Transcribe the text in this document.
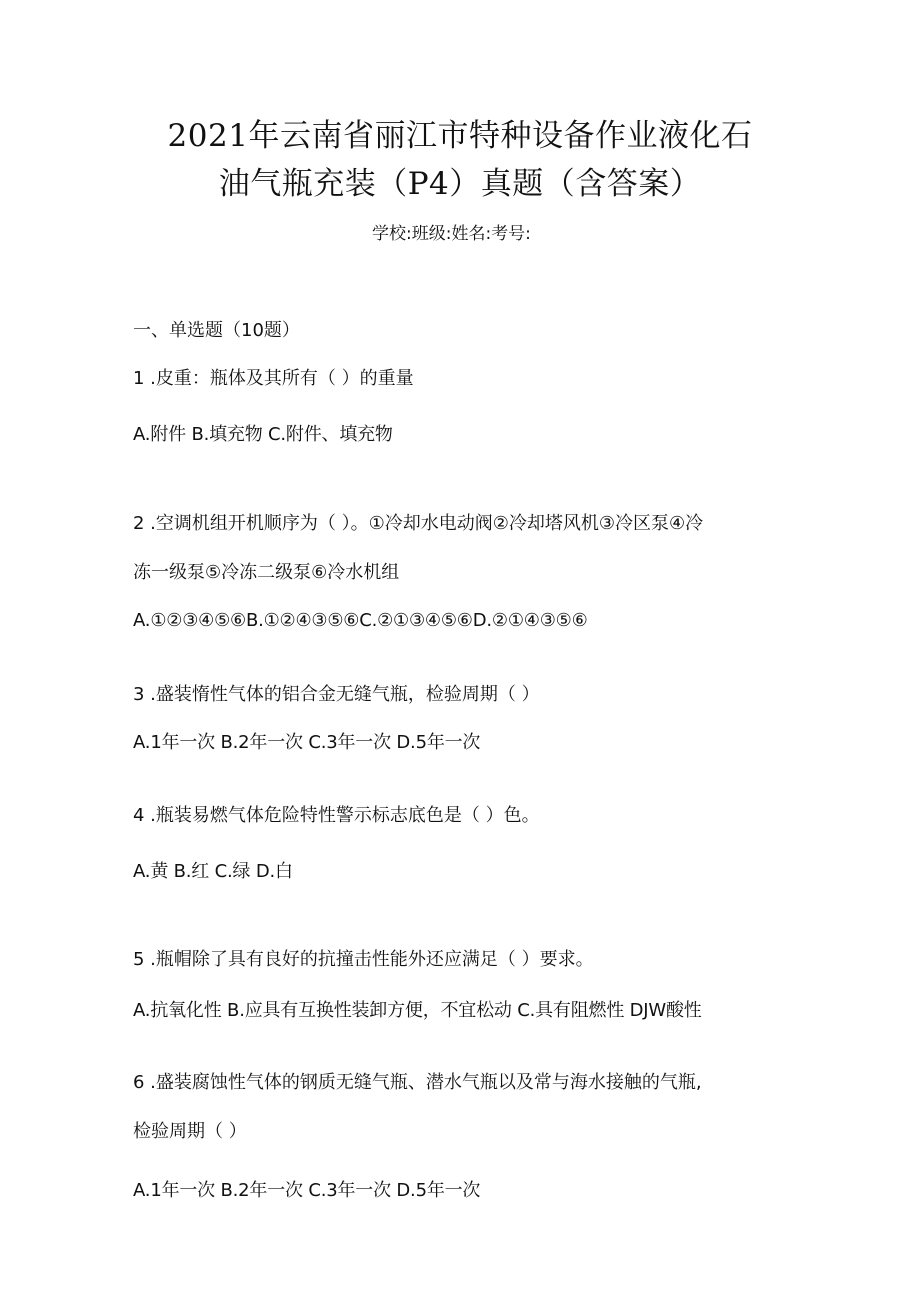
2021年云南省丽江市特种设备作业液化石
油气瓶充装（P4）真题（含答案）
学校:班级:姓名:考号:
一、单选题（10题）
1 .皮重：瓶体及其所有（ ）的重量
A.附件 B.填充物 C.附件、填充物
2 .空调机组开机顺序为（ ）。①冷却水电动阀②冷却塔风机③冷区泵④冷
冻一级泵⑤冷冻二级泵⑥冷水机组
A.①②③④⑤⑥B.①②④③⑤⑥C.②①③④⑤⑥D.②①④③⑤⑥
3 .盛装惰性气体的铝合金无缝气瓶，检验周期（ ）
A.1年一次 B.2年一次 C.3年一次 D.5年一次
4 .瓶装易燃气体危险特性警示标志底色是（ ）色。
A.黄 B.红 C.绿 D.白
5 .瓶帽除了具有良好的抗撞击性能外还应满足（ ）要求。
A.抗氧化性 B.应具有互换性装卸方便，不宜松动 C.具有阻燃性 DJW酸性
6 .盛装腐蚀性气体的钢质无缝气瓶、潜水气瓶以及常与海水接触的气瓶,
检验周期（ ）
A.1年一次 B.2年一次 C.3年一次 D.5年一次
